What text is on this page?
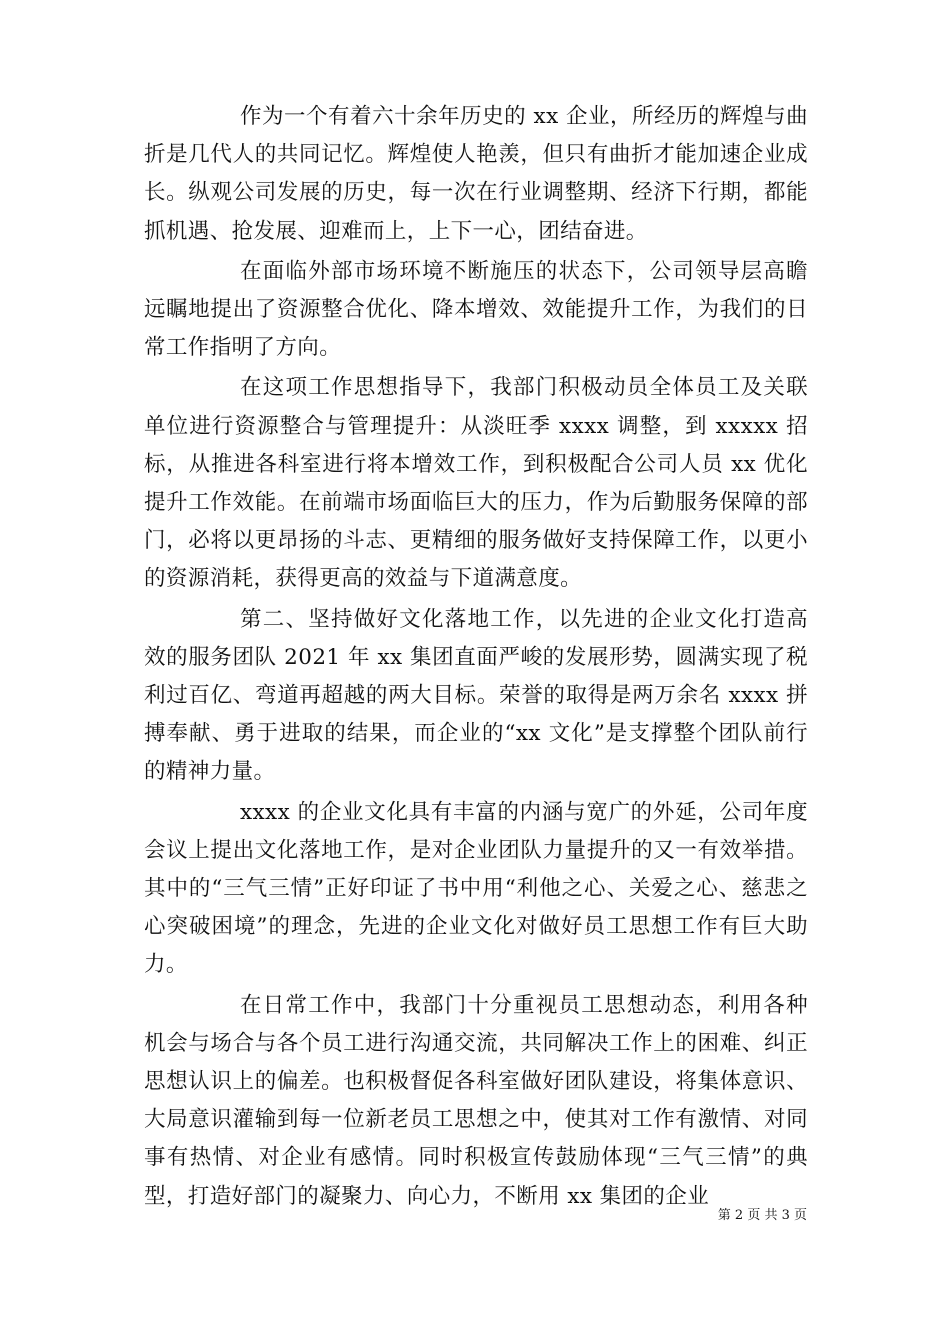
作为一个有着六十余年历史的 xx 企业，所经历的辉煌与曲折是几代人的共同记忆。辉煌使人艳羡，但只有曲折才能加速企业成长。纵观公司发展的历史，每一次在行业调整期、经济下行期，都能抓机遇、抢发展、迎难而上，上下一心，团结奋进。

在面临外部市场环境不断施压的状态下，公司领导层高瞻远瞩地提出了资源整合优化、降本增效、效能提升工作，为我们的日常工作指明了方向。

在这项工作思想指导下，我部门积极动员全体员工及关联单位进行资源整合与管理提升：从淡旺季 xxxx 调整，到 xxxxx 招标，从推进各科室进行将本增效工作，到积极配合公司人员 xx 优化提升工作效能。在前端市场面临巨大的压力，作为后勤服务保障的部门，必将以更昂扬的斗志、更精细的服务做好支持保障工作，以更小的资源消耗，获得更高的效益与下道满意度。

第二、坚持做好文化落地工作，以先进的企业文化打造高效的服务团队 2021 年 xx 集团直面严峻的发展形势，圆满实现了税利过百亿、弯道再超越的两大目标。荣誉的取得是两万余名 xxxx 拼搏奉献、勇于进取的结果，而企业的“xx 文化”是支撑整个团队前行的精神力量。

xxxx 的企业文化具有丰富的内涵与宽广的外延，公司年度会议上提出文化落地工作，是对企业团队力量提升的又一有效举措。其中的“三气三情”正好印证了书中用“利他之心、关爱之心、慈悲之心突破困境”的理念，先进的企业文化对做好员工思想工作有巨大助力。

在日常工作中，我部门十分重视员工思想动态，利用各种机会与场合与各个员工进行沟通交流，共同解决工作上的困难、纠正思想认识上的偏差。也积极督促各科室做好团队建设，将集体意识、大局意识灌输到每一位新老员工思想之中，使其对工作有激情、对同事有热情、对企业有感情。同时积极宣传鼓励体现“三气三情”的典型，打造好部门的凝聚力、向心力，不断用 xx 集团的企业

第 2 页 共 3 页
